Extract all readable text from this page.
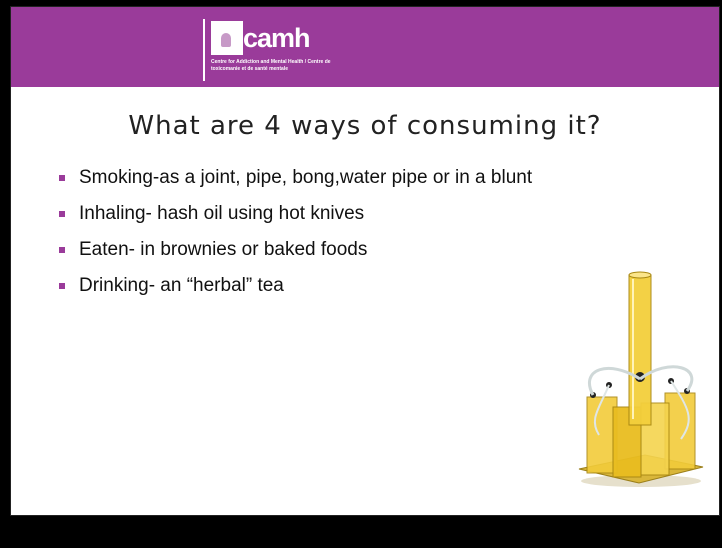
camh
Centre for Addiction and Mental Health / Centre de toxicomanie et de santé mentale
What are 4 ways of consuming it?
Smoking-as a joint, pipe, bong,water pipe or in a blunt
Inhaling- hash oil using hot knives
Eaten- in brownies or baked foods
Drinking- an “herbal” tea
